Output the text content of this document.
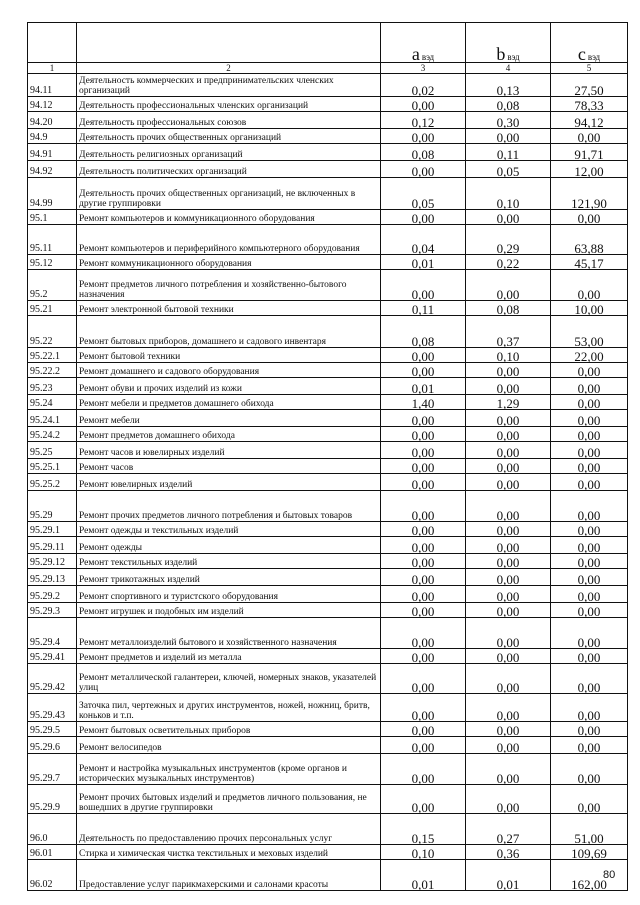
		a вэд	b вэд	c вэд
1	2	3	4	5
94.11	Деятельность коммерческих и предпринимательских членских организаций	0,02	0,13	27,50
94.12	Деятельность профессиональных членских организаций	0,00	0,08	78,33
94.20	Деятельность профессиональных союзов	0,12	0,30	94,12
94.9	Деятельность прочих общественных организаций	0,00	0,00	0,00
94.91	Деятельность религиозных организаций	0,08	0,11	91,71
94.92	Деятельность политических организаций	0,00	0,05	12,00
94.99	Деятельность прочих общественных организаций, не включенных в другие группировки	0,05	0,10	121,90
95.1	Ремонт компьютеров и коммуникационного оборудования	0,00	0,00	0,00
95.11	Ремонт компьютеров и периферийного компьютерного оборудования	0,04	0,29	63,88
95.12	Ремонт коммуникационного оборудования	0,01	0,22	45,17
95.2	Ремонт предметов личного потребления и хозяйственно-бытового назначения	0,00	0,00	0,00
95.21	Ремонт электронной бытовой техники	0,11	0,08	10,00
95.22	Ремонт бытовых приборов, домашнего и садового инвентаря	0,08	0,37	53,00
95.22.1	Ремонт бытовой техники	0,00	0,10	22,00
95.22.2	Ремонт домашнего и садового оборудования	0,00	0,00	0,00
95.23	Ремонт обуви и прочих изделий из кожи	0,01	0,00	0,00
95.24	Ремонт мебели и предметов домашнего обихода	1,40	1,29	0,00
95.24.1	Ремонт мебели	0,00	0,00	0,00
95.24.2	Ремонт предметов домашнего обихода	0,00	0,00	0,00
95.25	Ремонт часов и ювелирных изделий	0,00	0,00	0,00
95.25.1	Ремонт часов	0,00	0,00	0,00
95.25.2	Ремонт ювелирных изделий	0,00	0,00	0,00
95.29	Ремонт прочих предметов личного потребления и бытовых товаров	0,00	0,00	0,00
95.29.1	Ремонт одежды и текстильных изделий	0,00	0,00	0,00
95.29.11	Ремонт одежды	0,00	0,00	0,00
95.29.12	Ремонт текстильных изделий	0,00	0,00	0,00
95.29.13	Ремонт трикотажных изделий	0,00	0,00	0,00
95.29.2	Ремонт спортивного и туристского оборудования	0,00	0,00	0,00
95.29.3	Ремонт игрушек и подобных им изделий	0,00	0,00	0,00
95.29.4	Ремонт металлоизделий бытового и хозяйственного назначения	0,00	0,00	0,00
95.29.41	Ремонт предметов и изделий из металла	0,00	0,00	0,00
95.29.42	Ремонт металлической галантереи, ключей, номерных знаков, указателей улиц	0,00	0,00	0,00
95.29.43	Заточка пил, чертежных и других инструментов, ножей, ножниц, бритв, коньков и т.п.	0,00	0,00	0,00
95.29.5	Ремонт бытовых осветительных приборов	0,00	0,00	0,00
95.29.6	Ремонт велосипедов	0,00	0,00	0,00
95.29.7	Ремонт и настройка музыкальных инструментов (кроме органов и исторических музыкальных инструментов)	0,00	0,00	0,00
95.29.9	Ремонт прочих бытовых изделий и предметов личного пользования, не вошедших в другие группировки	0,00	0,00	0,00
96.0	Деятельность по предоставлению прочих персональных услуг	0,15	0,27	51,00
96.01	Стирка и химическая чистка текстильных и меховых изделий	0,10	0,36	109,69
96.02	Предоставление услуг парикмахерскими и салонами красоты	0,01	0,01	162,00
80
